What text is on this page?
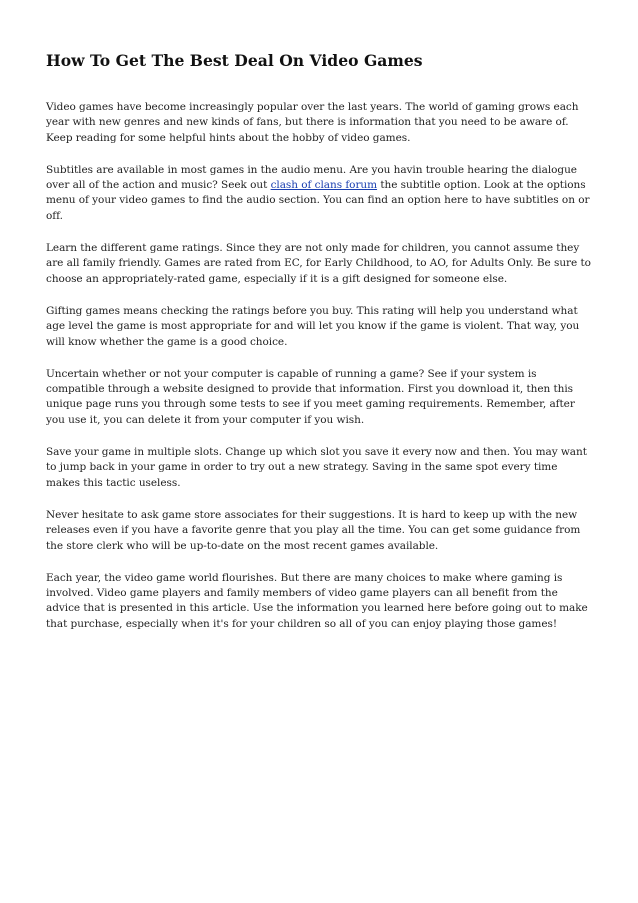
How To Get The Best Deal On Video Games

Video games have become increasingly popular over the last years. The world of gaming grows each year with new genres and new kinds of fans, but there is information that you need to be aware of. Keep reading for some helpful hints about the hobby of video games.

Subtitles are available in most games in the audio menu. Are you havin trouble hearing the dialogue over all of the action and music? Seek out clash of clans forum the subtitle option. Look at the options menu of your video games to find the audio section. You can find an option here to have subtitles on or off.

Learn the different game ratings. Since they are not only made for children, you cannot assume they are all family friendly. Games are rated from EC, for Early Childhood, to AO, for Adults Only. Be sure to choose an appropriately-rated game, especially if it is a gift designed for someone else.

Gifting games means checking the ratings before you buy. This rating will help you understand what age level the game is most appropriate for and will let you know if the game is violent. That way, you will know whether the game is a good choice.

Uncertain whether or not your computer is capable of running a game? See if your system is compatible through a website designed to provide that information. First you download it, then this unique page runs you through some tests to see if you meet gaming requirements. Remember, after you use it, you can delete it from your computer if you wish.

Save your game in multiple slots. Change up which slot you save it every now and then. You may want to jump back in your game in order to try out a new strategy. Saving in the same spot every time makes this tactic useless.

Never hesitate to ask game store associates for their suggestions. It is hard to keep up with the new releases even if you have a favorite genre that you play all the time. You can get some guidance from the store clerk who will be up-to-date on the most recent games available.

Each year, the video game world flourishes. But there are many choices to make where gaming is involved. Video game players and family members of video game players can all benefit from the advice that is presented in this article. Use the information you learned here before going out to make that purchase, especially when it's for your children so all of you can enjoy playing those games!
